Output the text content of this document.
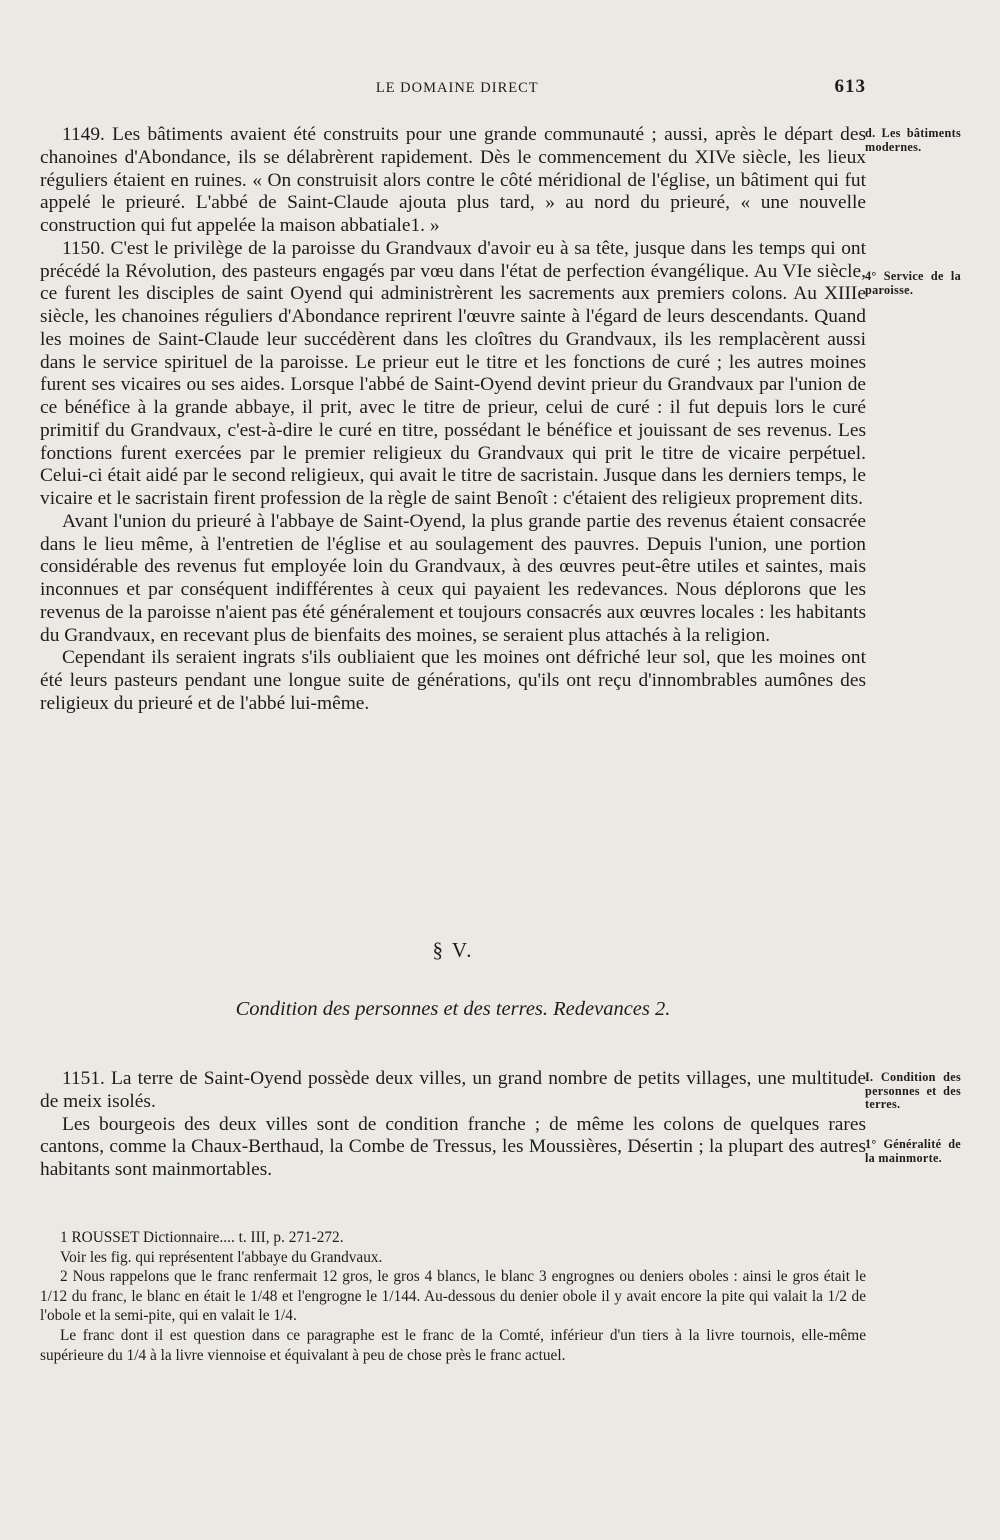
LE DOMAINE DIRECT	613
d. Les bâtiments modernes.
4° Service de la paroisse.
I. Condition des personnes et des terres.
1° Généralité de la mainmorte.

1149. Les bâtiments avaient été construits pour une grande communauté ; aussi, après le départ des chanoines d'Abondance, ils se délabrèrent rapidement. Dès le commencement du XIVe siècle, les lieux réguliers étaient en ruines. « On construisit alors contre le côté méridional de l'église, un bâtiment qui fut appelé le prieuré. L'abbé de Saint-Claude ajouta plus tard, » au nord du prieuré, « une nouvelle construction qui fut appelée la maison abbatiale1. »

1150. C'est le privilège de la paroisse du Grandvaux d'avoir eu à sa tête, jusque dans les temps qui ont précédé la Révolution, des pasteurs engagés par vœu dans l'état de perfection évangélique. Au VIe siècle, ce furent les disciples de saint Oyend qui administrèrent les sacrements aux premiers colons. Au XIIIe siècle, les chanoines réguliers d'Abondance reprirent l'œuvre sainte à l'égard de leurs descendants. Quand les moines de Saint-Claude leur succédèrent dans les cloîtres du Grandvaux, ils les remplacèrent aussi dans le service spirituel de la paroisse. Le prieur eut le titre et les fonctions de curé ; les autres moines furent ses vicaires ou ses aides. Lorsque l'abbé de Saint-Oyend devint prieur du Grandvaux par l'union de ce bénéfice à la grande abbaye, il prit, avec le titre de prieur, celui de curé : il fut depuis lors le curé primitif du Grandvaux, c'est-à-dire le curé en titre, possédant le bénéfice et jouissant de ses revenus. Les fonctions furent exercées par le premier religieux du Grandvaux qui prit le titre de vicaire perpétuel. Celui-ci était aidé par le second religieux, qui avait le titre de sacristain. Jusque dans les derniers temps, le vicaire et le sacristain firent profession de la règle de saint Benoît : c'étaient des religieux proprement dits.

Avant l'union du prieuré à l'abbaye de Saint-Oyend, la plus grande partie des revenus étaient consacrée dans le lieu même, à l'entretien de l'église et au soulagement des pauvres. Depuis l'union, une portion considérable des revenus fut employée loin du Grandvaux, à des œuvres peut-être utiles et saintes, mais inconnues et par conséquent indifférentes à ceux qui payaient les redevances. Nous déplorons que les revenus de la paroisse n'aient pas été généralement et toujours consacrés aux œuvres locales : les habitants du Grandvaux, en recevant plus de bienfaits des moines, se seraient plus attachés à la religion.

Cependant ils seraient ingrats s'ils oubliaient que les moines ont défriché leur sol, que les moines ont été leurs pasteurs pendant une longue suite de générations, qu'ils ont reçu d'innombrables aumônes des religieux du prieuré et de l'abbé lui-même.

§ V.
Condition des personnes et des terres. Redevances 2.

1151. La terre de Saint-Oyend possède deux villes, un grand nombre de petits villages, une multitude de meix isolés.

Les bourgeois des deux villes sont de condition franche ; de même les colons de quelques rares cantons, comme la Chaux-Berthaud, la Combe de Tressus, les Moussières, Désertin ; la plupart des autres habitants sont mainmortables.

1 ROUSSET Dictionnaire.... t. III, p. 271-272.

Voir les fig. qui représentent l'abbaye du Grandvaux.

2 Nous rappelons que le franc renfermait 12 gros, le gros 4 blancs, le blanc 3 engrognes ou deniers oboles : ainsi le gros était le 1/12 du franc, le blanc en était le 1/48 et l'engrogne le 1/144. Au-dessous du denier obole il y avait encore la pite qui valait la 1/2 de l'obole et la semi-pite, qui en valait le 1/4.

Le franc dont il est question dans ce paragraphe est le franc de la Comté, inférieur d'un tiers à la livre tournois, elle-même supérieure du 1/4 à la livre viennoise et équivalant à peu de chose près le franc actuel.
